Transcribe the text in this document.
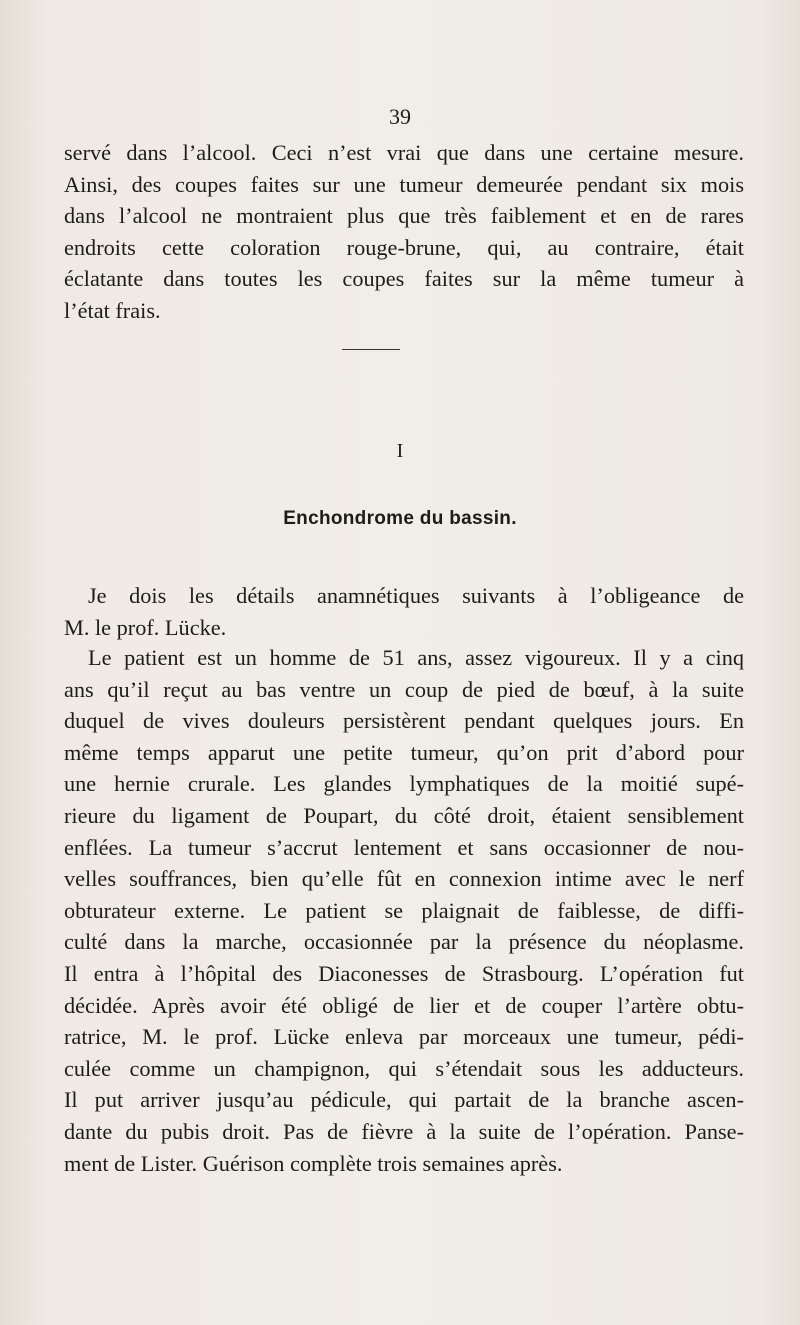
39
servé dans l’alcool. Ceci n’est vrai que dans une certaine mesure.
Ainsi, des coupes faites sur une tumeur demeurée pendant six mois
dans l’alcool ne montraient plus que très faiblement et en de rares
endroits cette coloration rouge-brune, qui, au contraire, était
éclatante dans toutes les coupes faites sur la même tumeur à
l’état frais.
I
Enchondrome du bassin.
Je dois les détails anamnétiques suivants à l’obligeance de
M. le prof. Lücke.
Le patient est un homme de 51 ans, assez vigoureux. Il y a cinq
ans qu’il reçut au bas ventre un coup de pied de bœuf, à la suite
duquel de vives douleurs persistèrent pendant quelques jours. En
même temps apparut une petite tumeur, qu’on prit d’abord pour
une hernie crurale. Les glandes lymphatiques de la moitié supé-
rieure du ligament de Poupart, du côté droit, étaient sensiblement
enflées. La tumeur s’accrut lentement et sans occasionner de nou-
velles souffrances, bien qu’elle fût en connexion intime avec le nerf
obturateur externe. Le patient se plaignait de faiblesse, de diffi-
culté dans la marche, occasionnée par la présence du néoplasme.
Il entra à l’hôpital des Diaconesses de Strasbourg. L’opération fut
décidée. Après avoir été obligé de lier et de couper l’artère obtu-
ratrice, M. le prof. Lücke enleva par morceaux une tumeur, pédi-
culée comme un champignon, qui s’étendait sous les adducteurs.
Il put arriver jusqu’au pédicule, qui partait de la branche ascen-
dante du pubis droit. Pas de fièvre à la suite de l’opération. Panse-
ment de Lister. Guérison complète trois semaines après.
